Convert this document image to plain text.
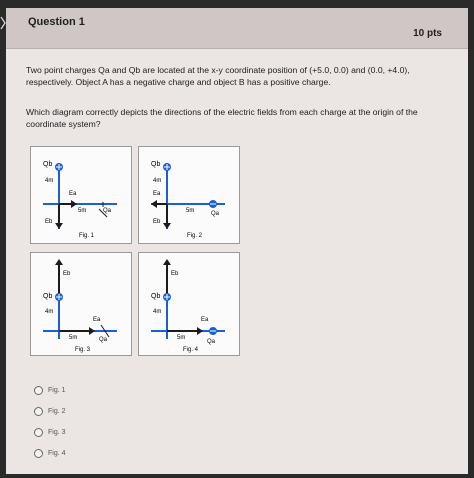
Question 1
10 pts
Two point charges Qa and Qb are located at the x-y coordinate position of (+5.0, 0.0) and (0.0, +4.0), respectively. Object A has a negative charge and object B has a positive charge.
Which diagram correctly depicts the directions of the electric fields from each charge at the origin of the coordinate system?
Qb
4m
Ea
5m	Qa
Eb
Fig. 1
Qb
4m
Ea
5m	Qa
Eb
Fig. 2
Eb
Qb
4m
Ea
5m	Qa
Fig. 3
Eb
Qb
4m
Ea
5m
Qa
Fig. 4
Fig. 1
Fig. 2
Fig. 3
Fig. 4
